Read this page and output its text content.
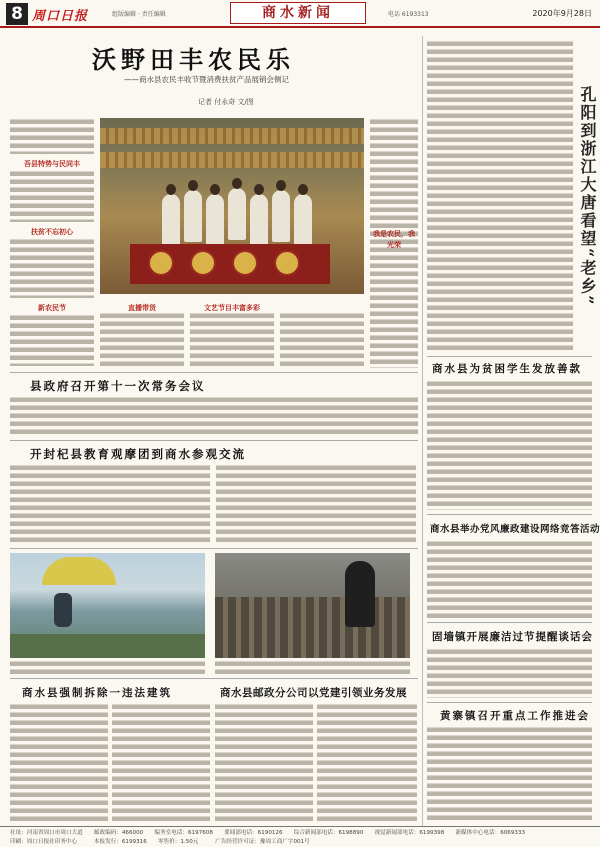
8 周口日报	组版编辑 · 责任编辑	商水新闻	电话 6193313	2020年9月28日
沃野田丰农民乐
——商水县农民丰收节暨消费扶贫产品展销会侧记
记者 付永奇 文/图
吾县特势与民同丰
扶贫不忘初心
新农民节	直播带货	文艺节目丰富多彩
我是农民，我光荣	孔阳到浙江大唐看望“老乡”
县政府召开第十一次常务会议
开封杞县教育观摩团到商水参观交流
商水县为贫困学生发放善款
商水县举办党风廉政建设网络竞答活动
固墙镇开展廉洁过节提醒谈话会
黄寨镇召开重点工作推进会
商水县强制拆除一违法建筑	商水县邮政分公司以党建引领业务发展
社址：河南省周口市周口大道　　邮政编码：466000　　编务室电话：6197608　　要闻部电话：6190126　　综合新闻部电话：6198890　　视觉新闻部电话：6199398　　新媒体中心电话：6069333
印刷：周口日报社印务中心　　　本报发行：6199316　　零售价：1.50元　　　广告经营许可证：豫周工商广字001号
